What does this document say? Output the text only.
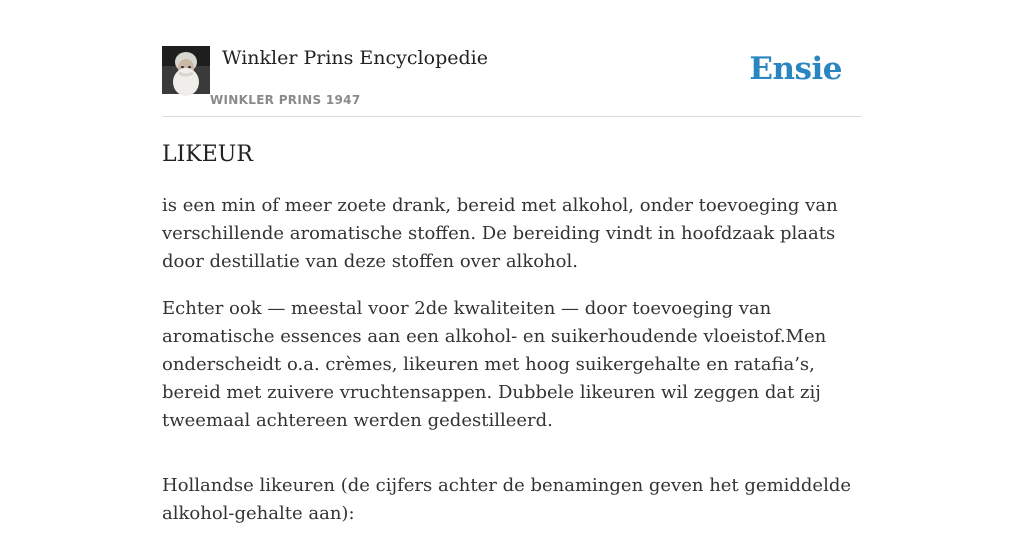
Winkler Prins Encyclopedie
WINKLER PRINS 1947
Ensie
LIKEUR

is een min of meer zoete drank, bereid met alkohol, onder toevoeging van verschillende aromatische stoffen. De bereiding vindt in hoofdzaak plaats door destillatie van deze stoffen over alkohol.

Echter ook — meestal voor 2de kwaliteiten — door toevoeging van aromatische essences aan een alkohol- en suikerhoudende vloeistof.Men onderscheidt o.a. crèmes, likeuren met hoog suikergehalte en ratafia’s, bereid met zuivere vruchtensappen. Dubbele likeuren wil zeggen dat zij tweemaal achtereen werden gedestilleerd.

Hollandse likeuren (de cijfers achter de benamingen geven het gemiddelde alkohol-gehalte aan):
